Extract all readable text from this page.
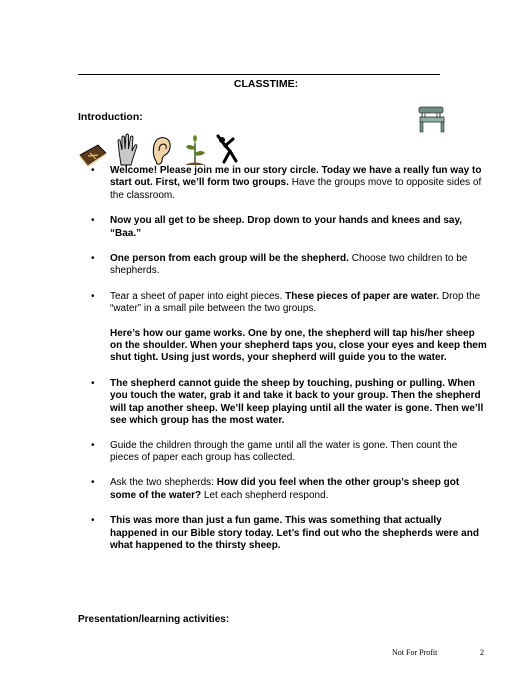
CLASSTIME:
Introduction:
• Welcome! Please join me in our story circle. Today we have a really fun way to start out. First, we’ll form two groups. Have the groups move to opposite sides of the classroom.
• Now you all get to be sheep. Drop down to your hands and knees and say, “Baa.”
• One person from each group will be the shepherd. Choose two children to be shepherds.
• Tear a sheet of paper into eight pieces. These pieces of paper are water. Drop the “water” in a small pile between the two groups.
Here’s how our game works. One by one, the shepherd will tap his/her sheep on the shoulder. When your shepherd taps you, close your eyes and keep them shut tight. Using just words, your shepherd will guide you to the water.
• The shepherd cannot guide the sheep by touching, pushing or pulling. When you touch the water, grab it and take it back to your group. Then the shepherd will tap another sheep. We’ll keep playing until all the water is gone. Then we’ll see which group has the most water.
• Guide the children through the game until all the water is gone. Then count the pieces of paper each group has collected.
• Ask the two shepherds: How did you feel when the other group’s sheep got some of the water? Let each shepherd respond.
• This was more than just a fun game. This was something that actually happened in our Bible story today. Let’s find out who the shepherds were and what happened to the thirsty sheep.
Presentation/learning activities:
Not For Profit	2
